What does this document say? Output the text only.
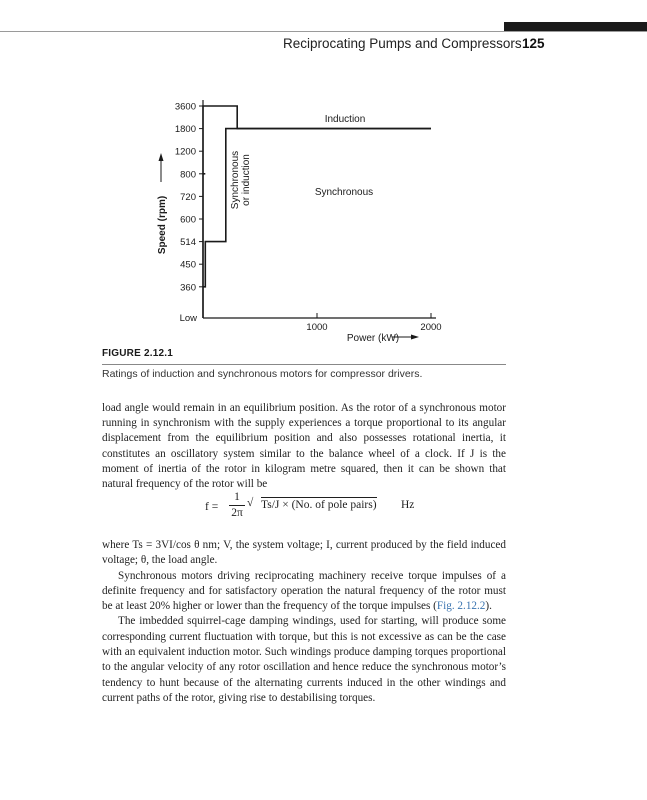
Reciprocating Pumps and Compressors 125
3600
1800
1200
800
720
600
514
450
360
Low
1000	2000
Speed (rpm)
Power (kW)
Induction
Synchronous
Synchronous or induction
FIGURE 2.12.1
Ratings of induction and synchronous motors for compressor drivers.

load angle would remain in an equilibrium position. As the rotor of a synchronous motor running in synchronism with the supply experiences a torque proportional to its angular displacement from the equilibrium position and also possesses rotational inertia, it constitutes an oscillatory system similar to the balance wheel of a clock. If J is the moment of inertia of the rotor in kilogram metre squared, then it can be shown that natural frequency of the rotor will be

f =
1
2π
√ Ts/J × (No. of pole pairs) Hz

where Ts = 3VI/cos θ nm; V, the system voltage; I, current produced by the field induced voltage; θ, the load angle.

Synchronous motors driving reciprocating machinery receive torque impulses of a definite frequency and for satisfactory operation the natural frequency of the rotor must be at least 20% higher or lower than the frequency of the torque impulses (Fig. 2.12.2).

The imbedded squirrel-cage damping windings, used for starting, will produce some corresponding current fluctuation with torque, but this is not excessive as can be the case with an equivalent induction motor. Such windings produce damping torques proportional to the angular velocity of any rotor oscillation and hence reduce the synchronous motor’s tendency to hunt because of the alternating currents induced in the other windings and current paths of the rotor, giving rise to destabilising torques.
